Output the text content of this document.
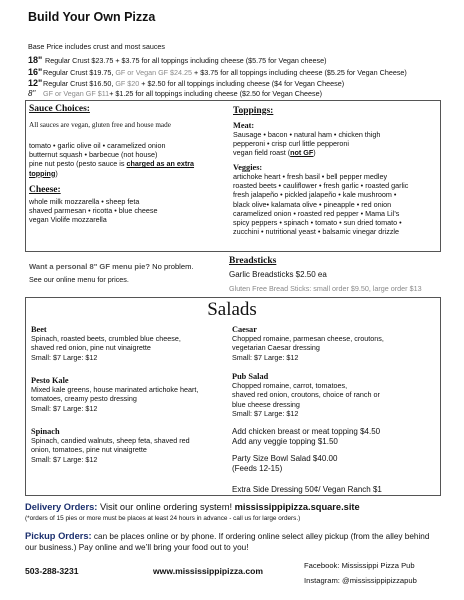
Build Your Own Pizza
Base Price includes crust and most sauces
18" Regular Crust $23.75 + $3.75 for all toppings including cheese ($5.75 for Vegan cheese)
16"Regular Crust $19.75, GF or Vegan GF $24.25 + $3.75 for all toppings including cheese ($5.25 for Vegan Cheese)
12"Regular Crust $16.50, GF $20 + $2.50 for all toppings including cheese ($4 for Vegan Cheese)
8" GF or Vegan GF $11+ $1.25 for all toppings including cheese ($2.50 for Vegan Cheese)
Sauce Choices:
All sauces are vegan, gluten free and house made
tomato • garlic olive oil • caramelized onion
butternut squash • barbecue (not house)
pine nut pesto (pesto sauce is charged as an extra topping)
Cheese:
whole milk mozzarella • sheep feta
shaved parmesan • ricotta • blue cheese
vegan Violife mozzarella
Toppings:
Meat:
Sausage • bacon • natural ham • chicken thigh
pepperoni • crisp curl little pepperoni
vegan field roast (not GF)
Veggies:
artichoke heart • fresh basil • bell pepper medley
roasted beets • cauliflower • fresh garlic • roasted garlic
fresh jalapeño • pickled jalapeño • kale mushroom •
black olive• kalamata olive • pineapple • red onion
caramelized onion • roasted red pepper • Mama Lil’s
spicy peppers • spinach • tomato • sun dried tomato •
zucchini • nutritional yeast • balsamic vinegar drizzle
Want a personal 8" GF menu pie? No problem.
See our online menu for prices.
Breadsticks
Garlic Breadsticks $2.50 ea
Gluten Free Bread Sticks: small order $9.50, large order $13
Salads
Beet
Spinach, roasted beets, crumbled blue cheese,
shaved red onion, pine nut vinaigrette
Small: $7 Large: $12
Pesto Kale
Mixed kale greens, house marinated artichoke heart,
tomatoes, creamy pesto dressing
Small: $7 Large: $12
Spinach
Spinach, candied walnuts, sheep feta, shaved red
onion, tomatoes, pine nut vinaigrette
Small: $7 Large: $12
Caesar
Chopped romaine, parmesan cheese, croutons,
vegetarian Caesar dressing
Small: $7 Large: $12
Pub Salad
Chopped romaine, carrot, tomatoes,
shaved red onion, croutons, choice of ranch or
blue cheese dressing
Small: $7 Large: $12
Add chicken breast or meat topping $4.50
Add any veggie topping $1.50
Party Size Bowl Salad $40.00
(Feeds 12-15)
Extra Side Dressing 50¢/ Vegan Ranch $1
Delivery Orders: Visit our online ordering system! mississippipizza.square.site
(*orders of 15 pies or more must be places at least 24 hours in advance - call us for large orders.)
Pickup Orders: can be places online or by phone. If ordering online select alley pickup (from the alley behind
our business.) Pay online and we’ll bring your food out to you!
503-288-3231	www.mississippipizza.com
Facebook: Mississippi Pizza Pub
Instagram: @mississippipizzapub
